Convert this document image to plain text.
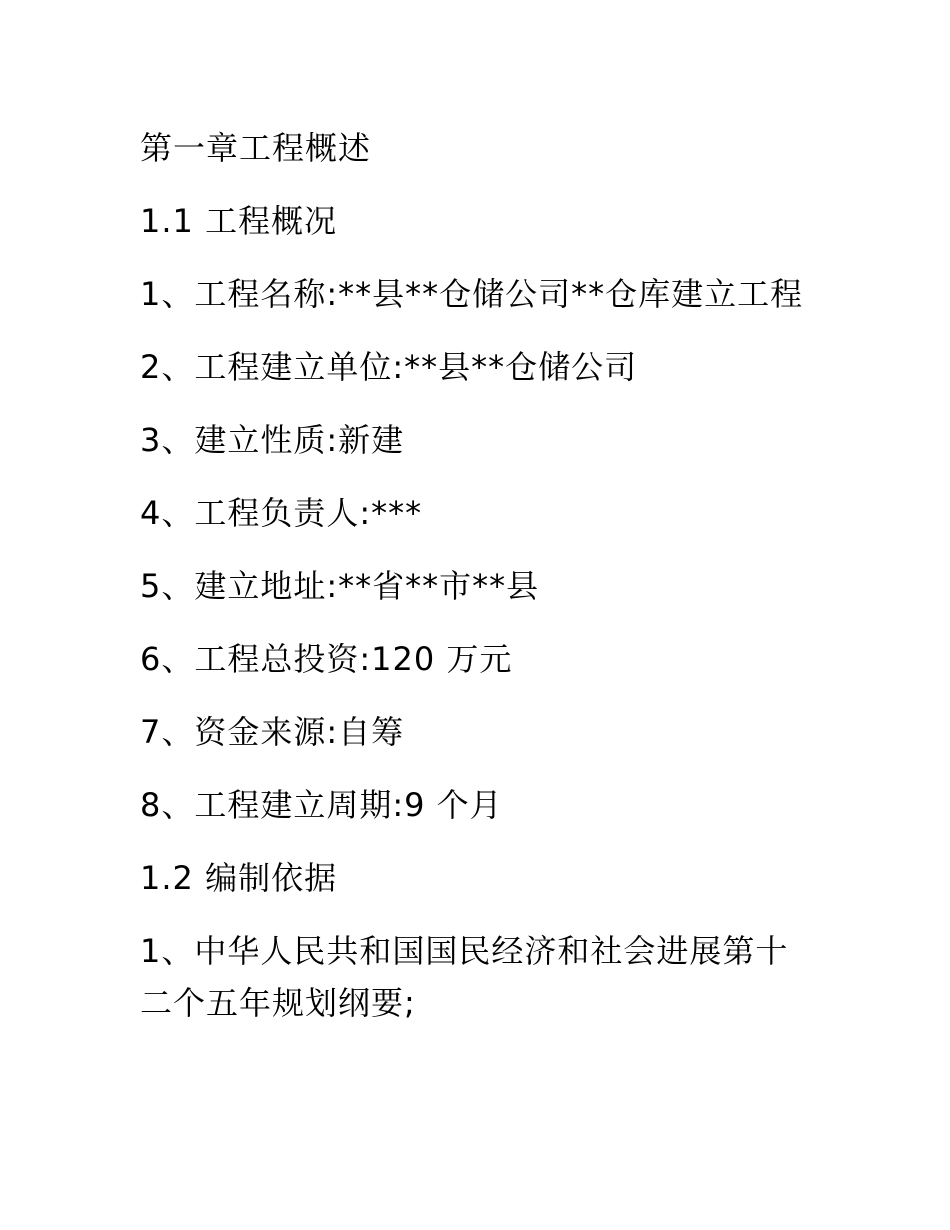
第一章工程概述
1.1 工程概况
1、工程名称:**县**仓储公司**仓库建立工程
2、工程建立单位:**县**仓储公司
3、建立性质:新建
4、工程负责人:***
5、建立地址:**省**市**县
6、工程总投资:120 万元
7、资金来源:自筹
8、工程建立周期:9 个月
1.2 编制依据
1、中华人民共和国国民经济和社会进展第十二个五年规划纲要;
